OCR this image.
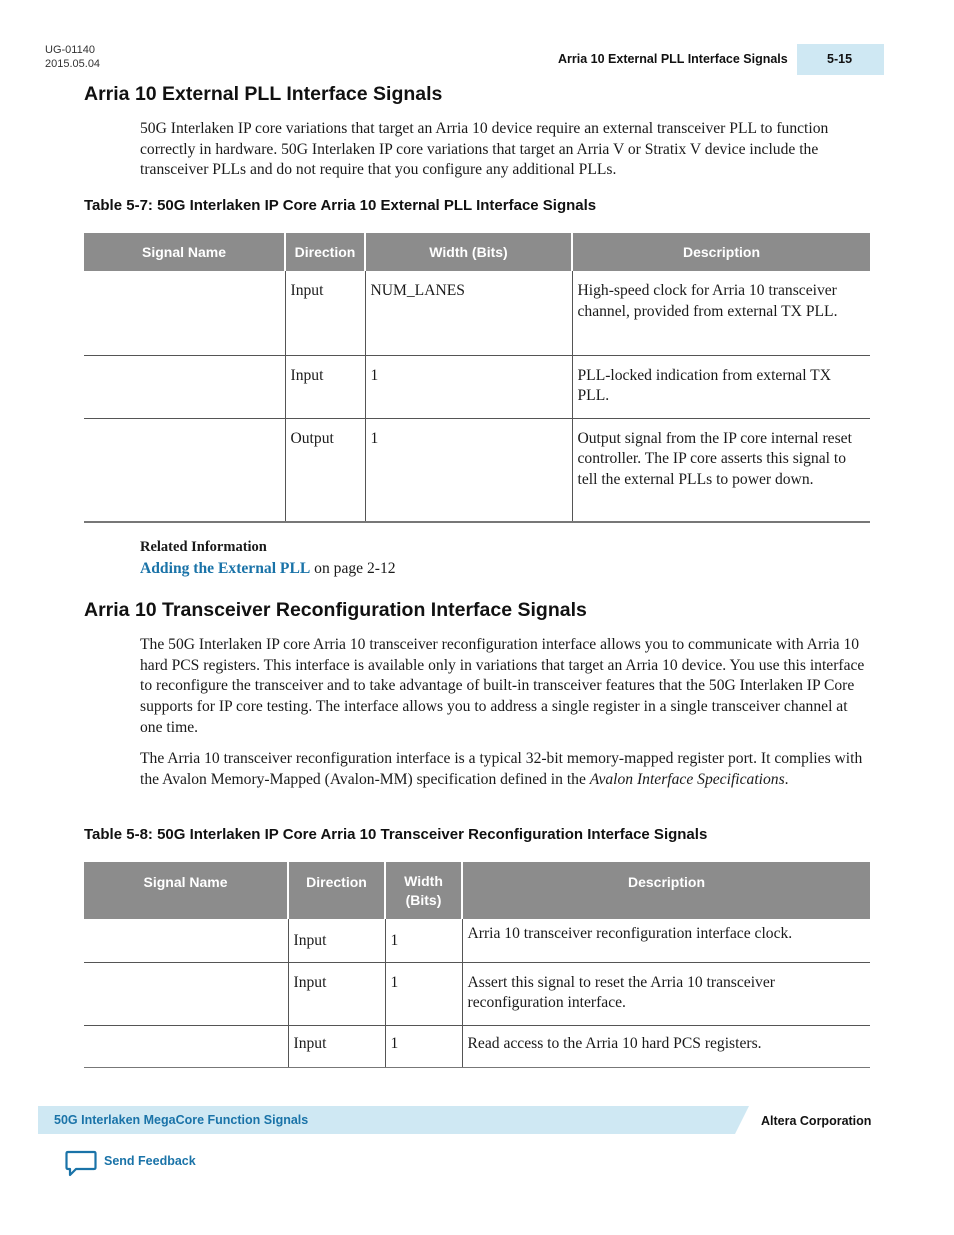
UG-01140
2015.05.04	Arria 10 External PLL Interface Signals	5-15
Arria 10 External PLL Interface Signals

50G Interlaken IP core variations that target an Arria 10 device require an external transceiver PLL to function correctly in hardware. 50G Interlaken IP core variations that target an Arria V or Stratix V device include the transceiver PLLs and do not require that you configure any additional PLLs.

Table 5-7: 50G Interlaken IP Core Arria 10 External PLL Interface Signals
Signal Name	Direction	Width (Bits)	Description
	Input	NUM_LANES	High-speed clock for Arria 10 transceiver channel, provided from external TX PLL.
	Input	1	PLL-locked indication from external TX PLL.
	Output	1	Output signal from the IP core internal reset controller. The IP core asserts this signal to tell the external PLLs to power down.
Related Information
Adding the External PLL on page 2-12
Arria 10 Transceiver Reconfiguration Interface Signals

The 50G Interlaken IP core Arria 10 transceiver reconfiguration interface allows you to communicate with Arria 10 hard PCS registers. This interface is available only in variations that target an Arria 10 device. You use this interface to reconfigure the transceiver and to take advantage of built-in transceiver features that the 50G Interlaken IP Core supports for IP core testing. The interface allows you to address a single register in a single transceiver channel at one time.

The Arria 10 transceiver reconfiguration interface is a typical 32-bit memory-mapped register port. It complies with the Avalon Memory-Mapped (Avalon-MM) specification defined in the Avalon Interface Specifications.

Table 5-8: 50G Interlaken IP Core Arria 10 Transceiver Reconfiguration Interface Signals
Signal Name	Direction	Width (Bits)	Description
	Input	1	Arria 10 transceiver reconfiguration interface clock.
	Input	1	Assert this signal to reset the Arria 10 transceiver reconfiguration interface.
	Input	1	Read access to the Arria 10 hard PCS registers.
50G Interlaken MegaCore Function Signals	Altera Corporation
Send Feedback
